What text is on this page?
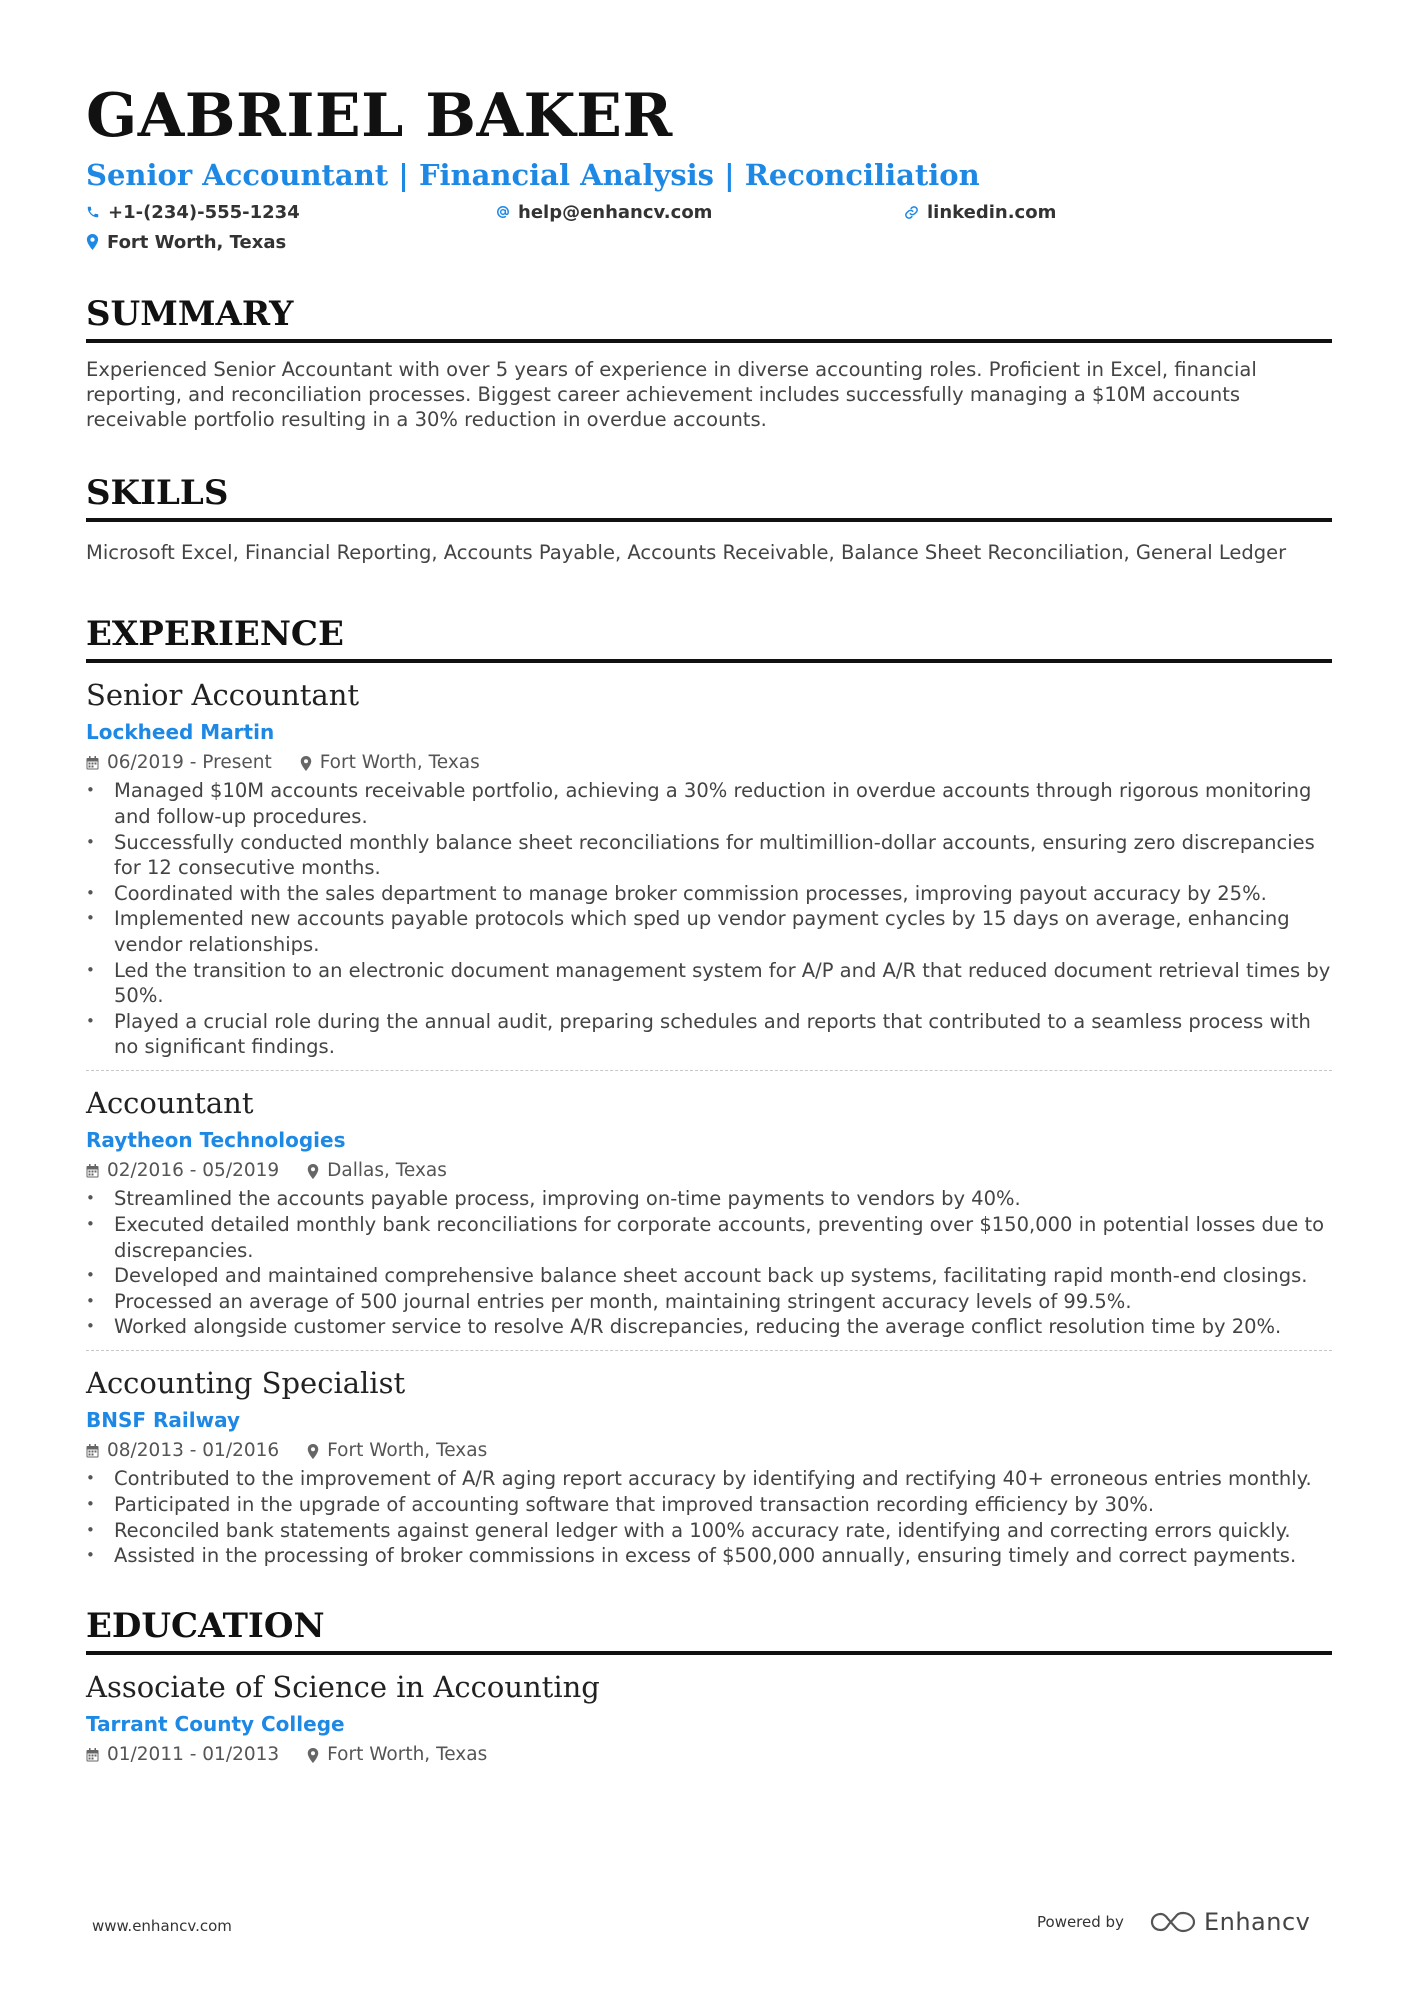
GABRIEL BAKER
Senior Accountant | Financial Analysis | Reconciliation
+1-(234)-555-1234	help@enhancv.com	linkedin.com
Fort Worth, Texas
SUMMARY
Experienced Senior Accountant with over 5 years of experience in diverse accounting roles. Proficient in Excel, financial reporting, and reconciliation processes. Biggest career achievement includes successfully managing a $10M accounts receivable portfolio resulting in a 30% reduction in overdue accounts.
SKILLS
Microsoft Excel, Financial Reporting, Accounts Payable, Accounts Receivable, Balance Sheet Reconciliation, General Ledger
EXPERIENCE
Senior Accountant
Lockheed Martin
06/2019 - Present	Fort Worth, Texas
• Managed $10M accounts receivable portfolio, achieving a 30% reduction in overdue accounts through rigorous monitoring and follow-up procedures.
• Successfully conducted monthly balance sheet reconciliations for multimillion-dollar accounts, ensuring zero discrepancies for 12 consecutive months.
• Coordinated with the sales department to manage broker commission processes, improving payout accuracy by 25%.
• Implemented new accounts payable protocols which sped up vendor payment cycles by 15 days on average, enhancing vendor relationships.
• Led the transition to an electronic document management system for A/P and A/R that reduced document retrieval times by 50%.
• Played a crucial role during the annual audit, preparing schedules and reports that contributed to a seamless process with no significant findings.
Accountant
Raytheon Technologies
02/2016 - 05/2019	Dallas, Texas
• Streamlined the accounts payable process, improving on-time payments to vendors by 40%.
• Executed detailed monthly bank reconciliations for corporate accounts, preventing over $150,000 in potential losses due to discrepancies.
• Developed and maintained comprehensive balance sheet account back up systems, facilitating rapid month-end closings.
• Processed an average of 500 journal entries per month, maintaining stringent accuracy levels of 99.5%.
• Worked alongside customer service to resolve A/R discrepancies, reducing the average conflict resolution time by 20%.
Accounting Specialist
BNSF Railway
08/2013 - 01/2016	Fort Worth, Texas
• Contributed to the improvement of A/R aging report accuracy by identifying and rectifying 40+ erroneous entries monthly.
• Participated in the upgrade of accounting software that improved transaction recording efficiency by 30%.
• Reconciled bank statements against general ledger with a 100% accuracy rate, identifying and correcting errors quickly.
• Assisted in the processing of broker commissions in excess of $500,000 annually, ensuring timely and correct payments.
EDUCATION
Associate of Science in Accounting
Tarrant County College
01/2011 - 01/2013	Fort Worth, Texas
www.enhancv.com	Powered by	Enhancv
